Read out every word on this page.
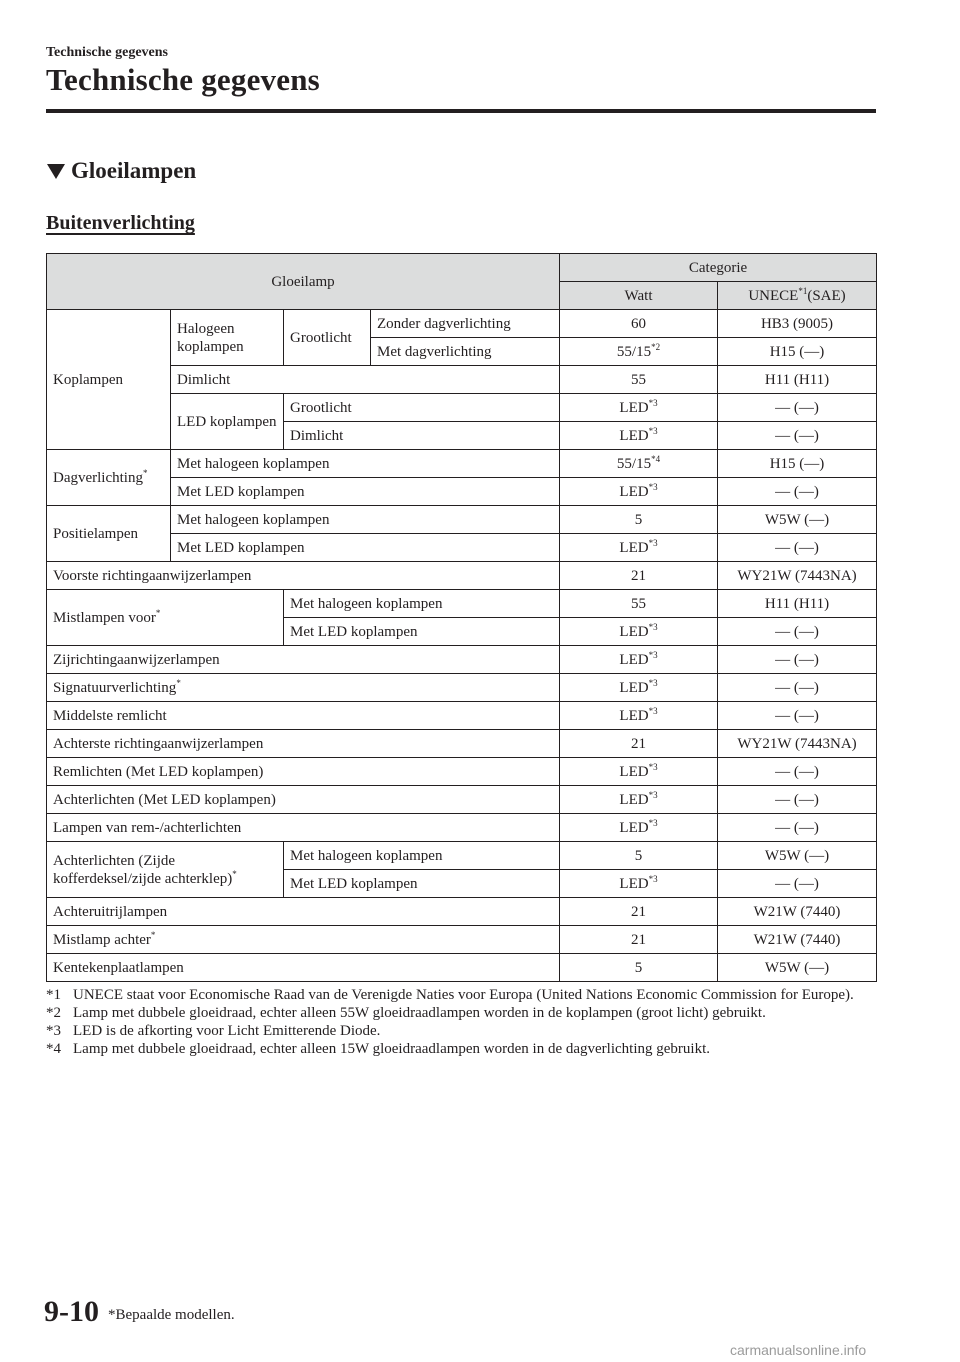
Technische gegevens
Technische gegevens
Gloeilampen
Buitenverlichting
Gloeilamp				Categorie	
				Watt	UNECE$^{*1}$(SAE)
Koplampen	Halogeen koplampen	Grootlicht	Zonder dagverlichting	60	HB3 (9005)
			Met dagverlichting	55/15$^{*2}$	H15 (—)
	Dimlicht			55	H11 (H11)
	LED koplampen	Grootlicht		LED$^{*3}$	— (—)
		Dimlicht		LED$^{*3}$	— (—)
Dagverlichting*	Met halogeen koplampen			55/15$^{*4}$	H15 (—)
	Met LED koplampen			LED$^{*3}$	— (—)
Positielampen	Met halogeen koplampen			5	W5W (—)
	Met LED koplampen			LED$^{*3}$	— (—)
Voorste richtingaanwijzerlampen				21	WY21W (7443NA)
Mistlampen voor*		Met halogeen koplampen		55	H11 (H11)
		Met LED koplampen		LED$^{*3}$	— (—)
Zijrichtingaanwijzerlampen				LED$^{*3}$	— (—)
Signatuurverlichting*				LED$^{*3}$	— (—)
Middelste remlicht				LED$^{*3}$	— (—)
Achterste richtingaanwijzerlampen				21	WY21W (7443NA)
Remlichten (Met LED koplampen)				LED$^{*3}$	— (—)
Achterlichten (Met LED koplampen)				LED$^{*3}$	— (—)
Lampen van rem-/achterlichten				LED$^{*3}$	— (—)
Achterlichten (Zijde kofferdeksel/zijde achterklep)*		Met halogeen koplampen		5	W5W (—)
		Met LED koplampen		LED$^{*3}$	— (—)
Achteruitrijlampen				21	W21W (7440)
Mistlamp achter*				21	W21W (7440)
Kentekenplaatlampen				5	W5W (—)
*1 UNECE staat voor Economische Raad van de Verenigde Naties voor Europa (United Nations Economic Commission for Europe).
*2 Lamp met dubbele gloeidraad, echter alleen 55W gloeidraadlampen worden in de koplampen (groot licht) gebruikt.
*3 LED is de afkorting voor Licht Emitterende Diode.
*4 Lamp met dubbele gloeidraad, echter alleen 15W gloeidraadlampen worden in de dagverlichting gebruikt.
9-10 *Bepaalde modellen.
carmanualsonline.info
